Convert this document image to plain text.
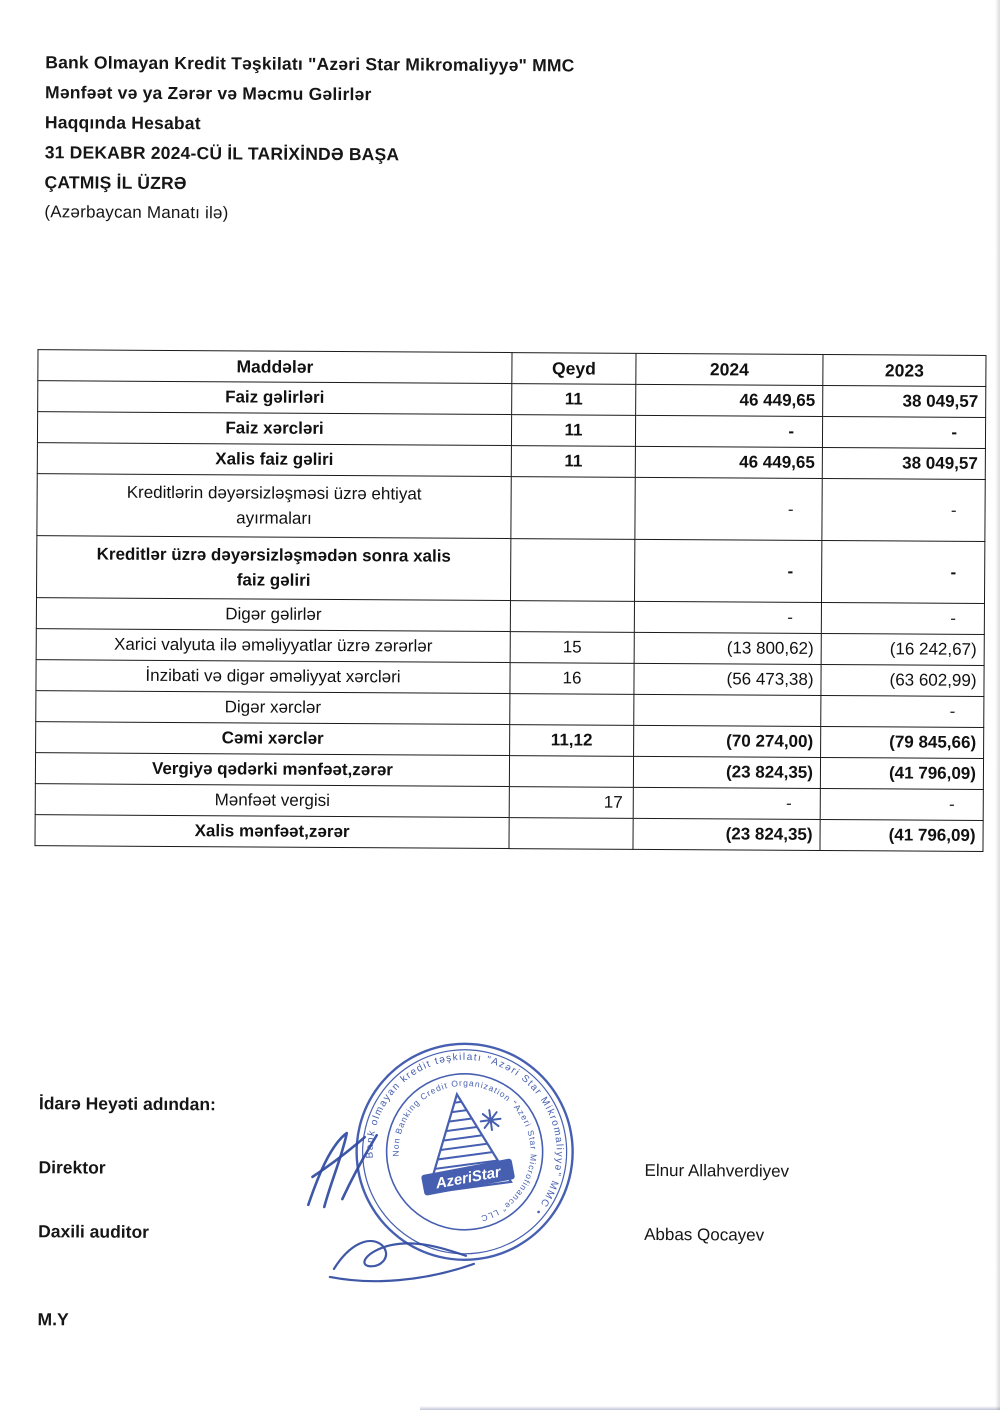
Bank Olmayan Kredit Təşkilatı "Azəri Star Mikromaliyyə" MMC
Mənfəət və ya Zərər və Məcmu Gəlirlər
Haqqında Hesabat
31 DEKABR 2024-CÜ İL TARİXİNDƏ BAŞA
ÇATMIŞ İL ÜZRƏ
(Azərbaycan Manatı ilə)
Maddələr	Qeyd	2024	2023
Faiz gəlirləri	11	46 449,65	38 049,57
Faiz xərcləri	11	-	-
Xalis faiz gəliri	11	46 449,65	38 049,57
Kreditlərin dəyərsizləşməsi üzrə ehtiyat
ayırmaları		-	-
Kreditlər üzrə dəyərsizləşmədən sonra xalis
faiz gəliri		-	-
Digər gəlirlər		-	-
Xarici valyuta ilə əməliyyatlar üzrə zərərlər	15	(13 800,62)	(16 242,67)
İnzibati və digər əməliyyat xərcləri	16	(56 473,38)	(63 602,99)
Digər xərclər			-
Cəmi xərclər	11,12	(70 274,00)	(79 845,66)
Vergiyə qədərki mənfəət,zərər		(23 824,35)	(41 796,09)
Mənfəət vergisi	17	-	-
Xalis mənfəət,zərər		(23 824,35)	(41 796,09)
İdarə Heyəti adından:
Direktor	Elnur Allahverdiyev
Daxili auditor	Abbas Qocayev
M.Y
Bank olmayan kredit təşkilatı "Azəri Star Mikromaliyyə" MMC •
Non Banking Credit Organization "Azeri Star Microfinance" LLC
AzeriStar
